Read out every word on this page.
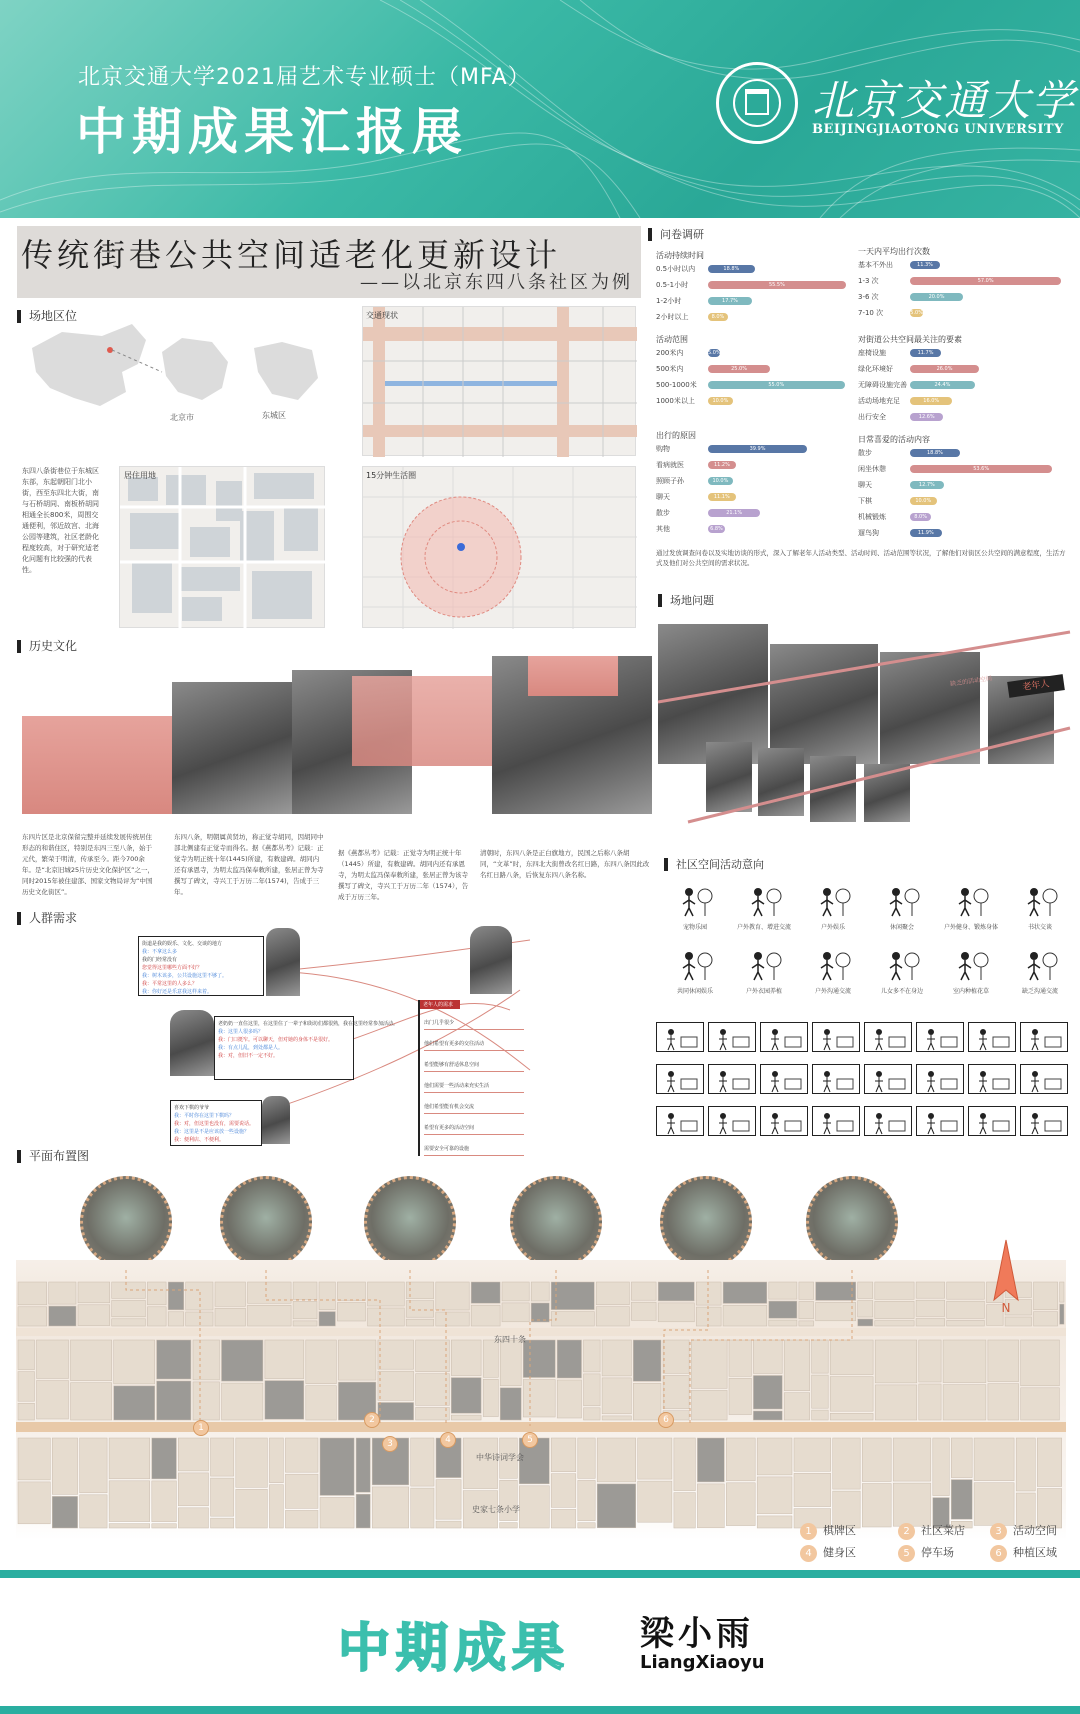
北京交通大学2021届艺术专业硕士（MFA）
中期成果汇报展
北京交通大学
BEIJINGJIAOTONG UNIVERSITY
传统街巷公共空间适老化更新设计
——以北京东四八条社区为例
场地区位
北京市	东城区
交通现状
东四八条街巷位于东城区东部，东起朝阳门北小街，西至东四北大街，南与石桥胡同、南板桥胡同相通全长800米，周围交通便利，邻近故宫、北海公园等建筑，社区老龄化程度较高，对于研究适老化问题有比较强的代表性。
居住用地	15分钟生活圈
问卷调研
活动持续时间
0.5小时以内	18.8%
0.5-1小时	55.5%
1-2小时	17.7%
2小时以上	8.0%
活动范围
200米内	5.0%
500米内	25.0%
500-1000米	55.0%
1000米以上	10.0%
出行的原因
购物	39.9%
看病就医	11.2%
照顾子孙	10.0%
聊天	11.1%
散步	21.1%
其他	6.8%
一天内平均出行次数
基本不外出	11.3%
1-3 次	57.0%
3-6 次	20.0%
7-10 次	5.0%
对街道公共空间最关注的要素
座椅设施	11.7%
绿化环境好	26.0%
无障碍设施完善	24.4%
活动场地充足	16.0%
出行安全	12.6%
日常喜爱的活动内容
散步	18.8%
闲坐休憩	53.6%
聊天	12.7%
下棋	10.0%
机械锻炼	8.0%
遛鸟狗	11.9%
通过发放调查问卷以及实地访谈的形式，深入了解老年人活动类型、活动时间、活动范围等状况，了解他们对街区公共空间的满意程度，生活方式及他们对公共空间的需求状况。
历史文化
东四片区是北京保留完整并延续发展传统居住形态的和谐住区，特别是东四三至八条，始于元代，繁荣于明清，传承至今。距今700余年。是“北京旧城25片历史文化保护区”之一，同时2015年被住建部、国家文物局评为“中国历史文化街区”。
东四八条，明朝属黄贤坊，称正觉寺胡同，因胡同中部北侧建有正觉寺而得名。据《燕都丛考》记载：正觉寺为明正统十年(1445)所建，有敕建碑。胡同内还有承恩寺，为明太监冯保奉敕所建，张居正曾为寺撰写了碑文，寺兴工于万历二年(1574)，告成于三年。
据《燕都丛考》记载：正觉寺为明正统十年（1445）所建，有敕建碑。胡同内还有承恩寺，为明太监冯保奉敕所建，张居正曾为该寺撰写了碑文，寺兴工于万历二年（1574），告成于万历三年。
清朝时，东四八条是正白旗地方，民国之后称八条胡同，“文革”时，东四北大街曾改名红日路，东四八条因此改名红日路八条，后恢复东四八条名称。
场地问题
老年人
缺乏的活动空间
社区空间活动意向
宠物乐园	户外教育、增进交流	户外娱乐	休闲聚会	户外健身、锻炼身体	书状交谈
共同休闲娱乐	户外衣园养植	户外沟通交流	儿女多不在身边	室内种植花草	缺乏沟通交流
人群需求
街道是我的娱乐、文化、交谈的地方
我：不拿这么多
我的门经常没有
您觉得这里哪些方面不好？
我：树木该多，公共设施这里不够了。
我：平常这里的人多么？
我：你好还是乐意我这样来着。
老奶奶一直住这里，在这里住了一辈子和街坊们都很熟，我在这里经常参加活动。
我：这里人很多吗？
我：门口挺窄。可以聊天，但对她的身体不是很好。
我：有点儿乱，到处都是人。
我：对，但旧不一定不好。
喜欢下棋的爷爷
我：平时你在这里下棋吗？
我：对，但这里也没有，需要说话。
我：这里是不是应该放一些设施？
我：便利店、不便利。
老年人的需求
出门几乎很少
他们希望有更多的交往活动
希望能够有舒适休息空间
他们需要一些活动来充实生活
他们希望能有机会交流
希望有更多的活动空间
需要安全可靠的设施
平面布置图
1
2
3	4	5
6
东四十条
中华诗词学会
史家七条小学
N
1 棋牌区	2 社区菜店	3 活动空间
4 健身区	5 停车场	6 种植区域
中期成果 梁小雨
LiangXiaoyu
